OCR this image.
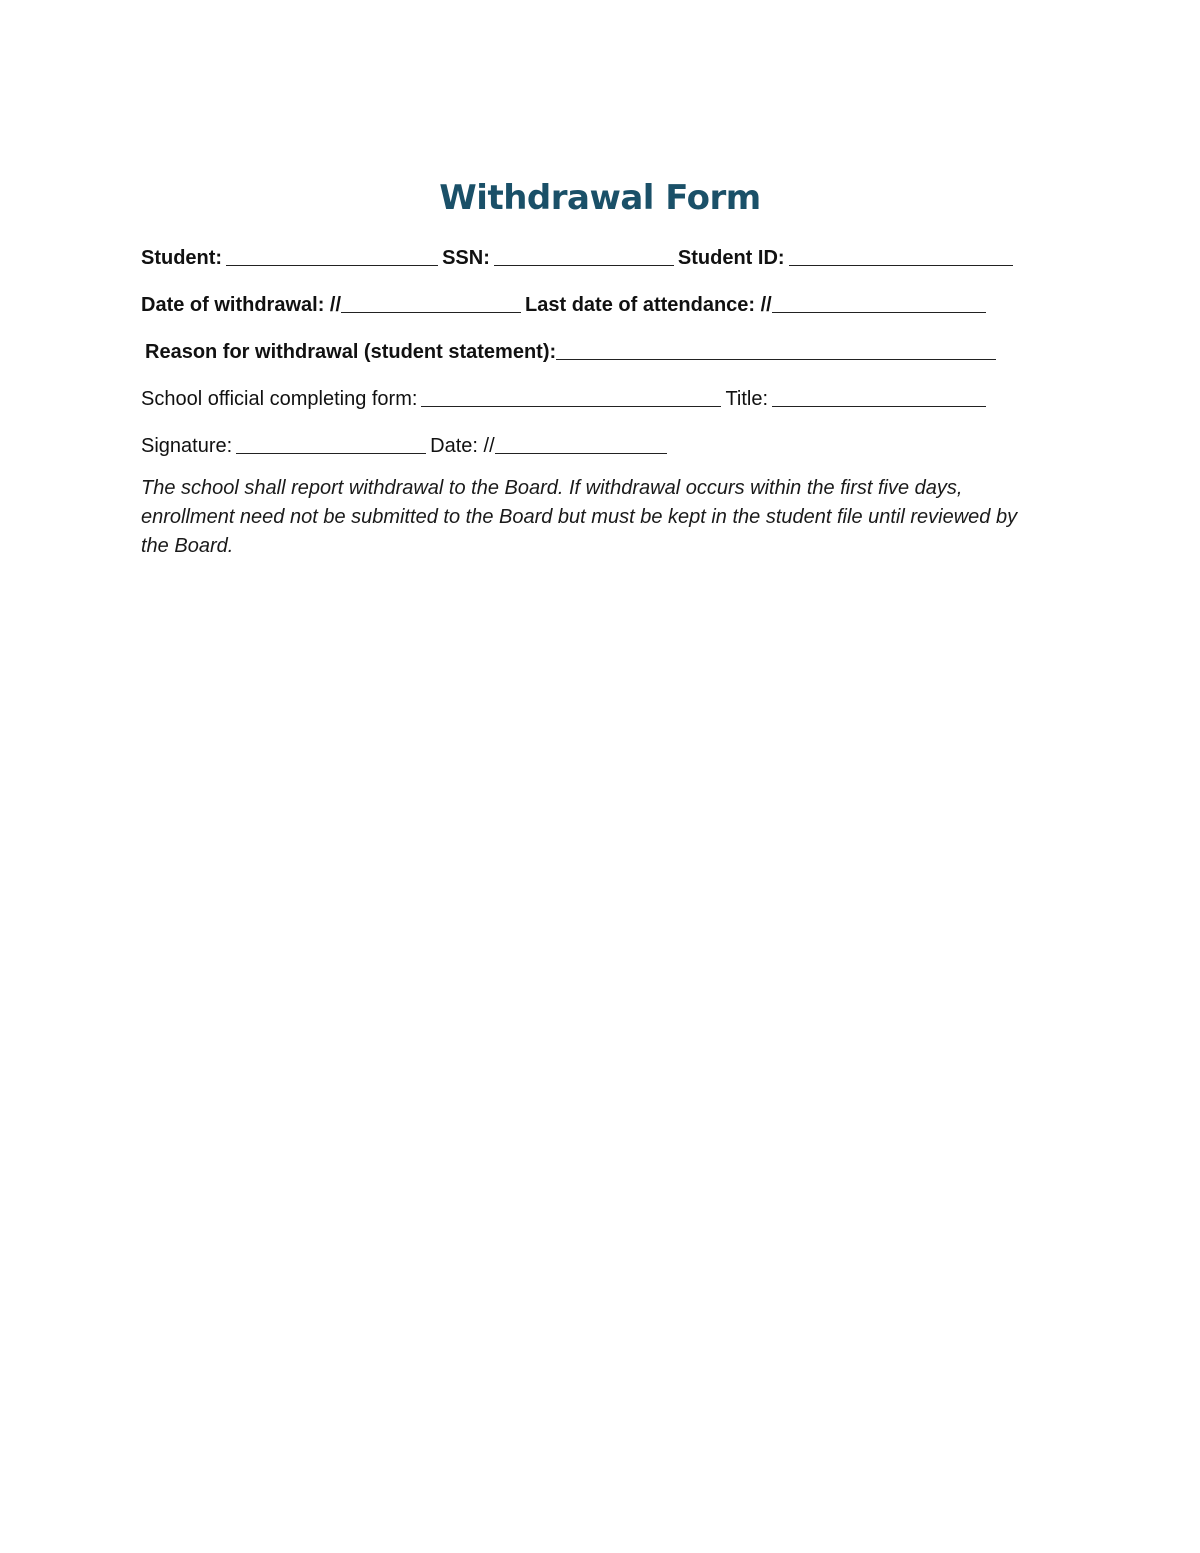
Withdrawal Form
Student:	SSN:	Student ID:
Date of withdrawal: //	Last date of attendance: //
Reason for withdrawal (student statement):
School official completing form:	Title:
Signature:	Date: //
The school shall report withdrawal to the Board. If withdrawal occurs within the first five days, enrollment need not be submitted to the Board but must be kept in the student file until reviewed by the Board.
